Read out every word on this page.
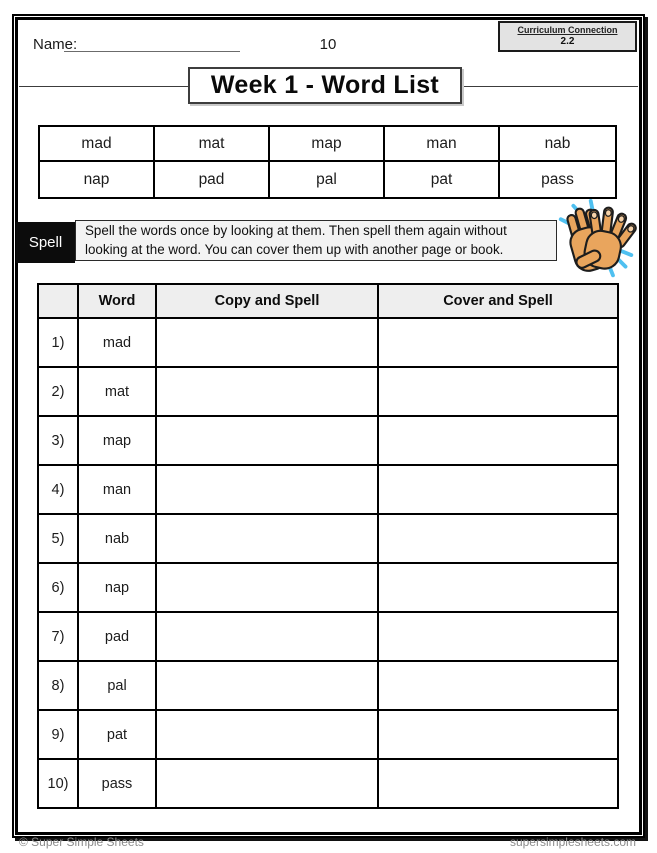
Name:	10
Curriculum Connection
2.2
Week 1 - Word List
mad	mat	map	man	nab
nap	pad	pal	pat	pass
Spell
Spell the words once by looking at them. Then spell them again without looking at the word. You can cover them up with another page or book.
	Word	Copy and Spell	Cover and Spell
1)	mad		
2)	mat		
3)	map		
4)	man		
5)	nab		
6)	nap		
7)	pad		
8)	pal		
9)	pat		
10)	pass		
© Super Simple Sheets	supersimplesheets.com
